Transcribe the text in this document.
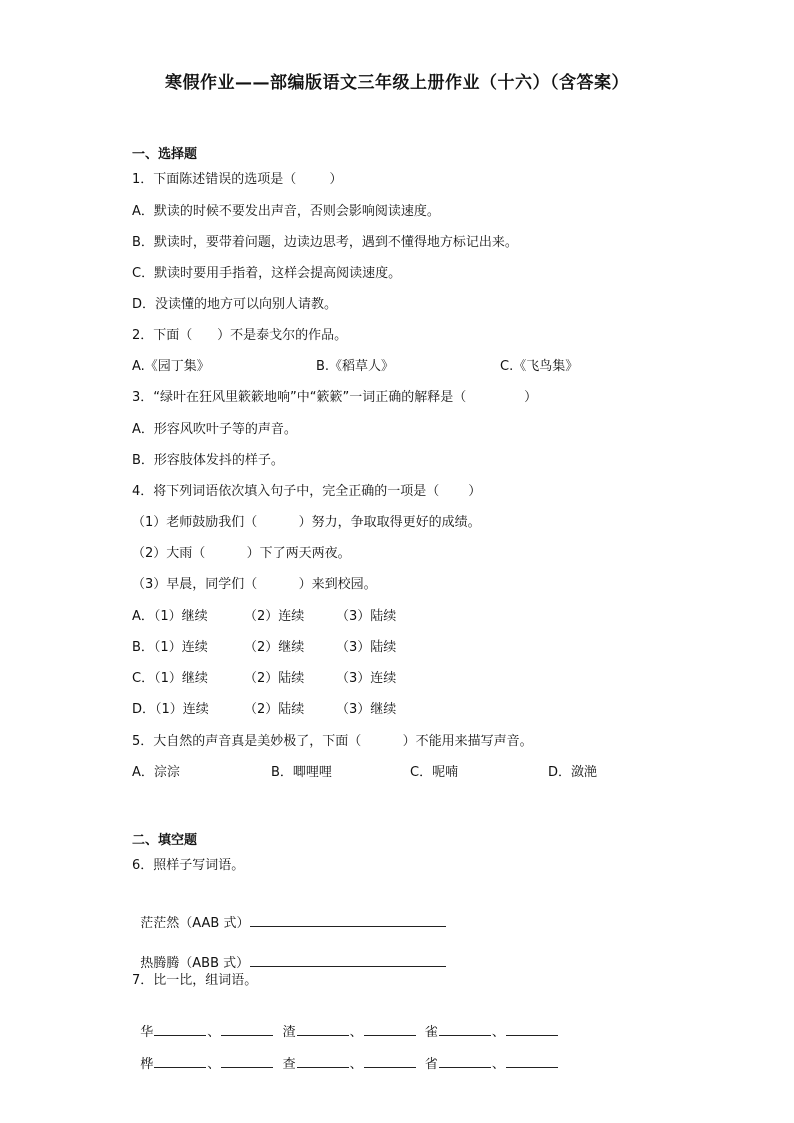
寒假作业——部编版语文三年级上册作业（十六）（含答案）
一、选择题
1．下面陈述错误的选项是（        ）
A．默读的时候不要发出声音，否则会影响阅读速度。
B．默读时，要带着问题，边读边思考，遇到不懂得地方标记出来。
C．默读时要用手指着，这样会提高阅读速度。
D．没读懂的地方可以向别人请教。
2．下面（      ）不是泰戈尔的作品。
A.《园丁集》	B.《稻草人》	C.《飞鸟集》
3．“绿叶在狂风里簌簌地响”中“簌簌”一词正确的解释是（              ）
A．形容风吹叶子等的声音。
B．形容肢体发抖的样子。
4．将下列词语依次填入句子中，完全正确的一项是（       ）
（1）老师鼓励我们（          ）努力，争取取得更好的成绩。
（2）大雨（          ）下了两天两夜。
（3）早晨，同学们（          ）来到校园。
A．（1）继续	（2）连续 （3）陆续
B．（1）连续	（2）继续 （3）陆续
C．（1）继续	（2）陆续 （3）连续
D．（1）连续	（2）陆续 （3）继续
5．大自然的声音真是美妙极了，下面（          ）不能用来描写声音。
A．淙淙	B．唧哩哩	C．呢喃	D．潋滟
二、填空题
6．照样子写词语。

茫茫然（AAB 式）

热腾腾（ABB 式）

7．比一比，组词语。

华	、	渣	、	雀	、

桦	、	查	、	省	、
